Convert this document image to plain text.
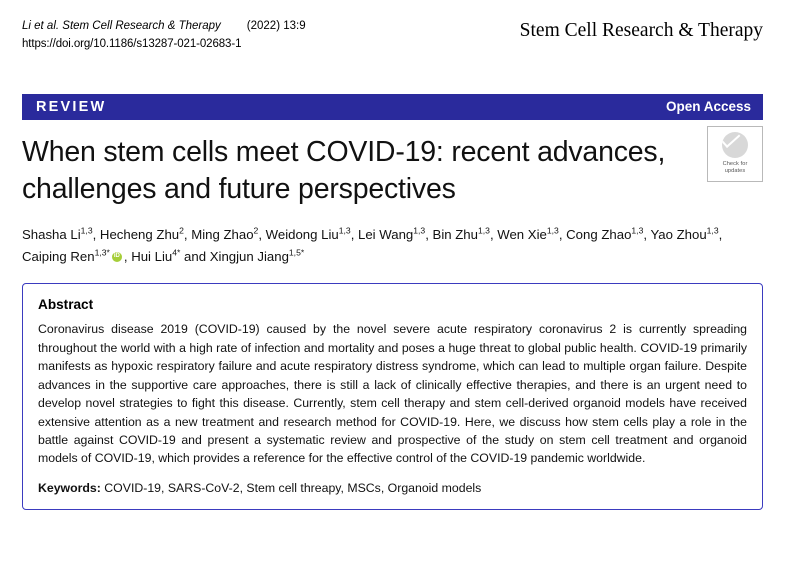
Li et al. Stem Cell Research & Therapy (2022) 13:9
https://doi.org/10.1186/s13287-021-02683-1
Stem Cell Research & Therapy
REVIEW	Open Access
When stem cells meet COVID-19: recent advances, challenges and future perspectives
Check for
updates
Shasha Li$^{1,3}$, Hecheng Zhu$^2$, Ming Zhao$^2$, Weidong Liu$^{1,3}$, Lei Wang$^{1,3}$, Bin Zhu$^{1,3}$, Wen Xie$^{1,3}$, Cong Zhao$^{1,3}$, Yao Zhou$^{1,3}$, Caiping Ren$^{1,3*}$ iD , Hui Liu$^{4*}$ and Xingjun Jiang$^{1,5*}$

Abstract

Coronavirus disease 2019 (COVID-19) caused by the novel severe acute respiratory coronavirus 2 is currently spreading throughout the world with a high rate of infection and mortality and poses a huge threat to global public health. COVID-19 primarily manifests as hypoxic respiratory failure and acute respiratory distress syndrome, which can lead to multiple organ failure. Despite advances in the supportive care approaches, there is still a lack of clinically effective therapies, and there is an urgent need to develop novel strategies to fight this disease. Currently, stem cell therapy and stem cell-derived organoid models have received extensive attention as a new treatment and research method for COVID-19. Here, we discuss how stem cells play a role in the battle against COVID-19 and present a systematic review and prospective of the study on stem cell treatment and organoid models of COVID-19, which provides a reference for the effective control of the COVID-19 pandemic worldwide.

Keywords: COVID-19, SARS-CoV-2, Stem cell threapy, MSCs, Organoid models
